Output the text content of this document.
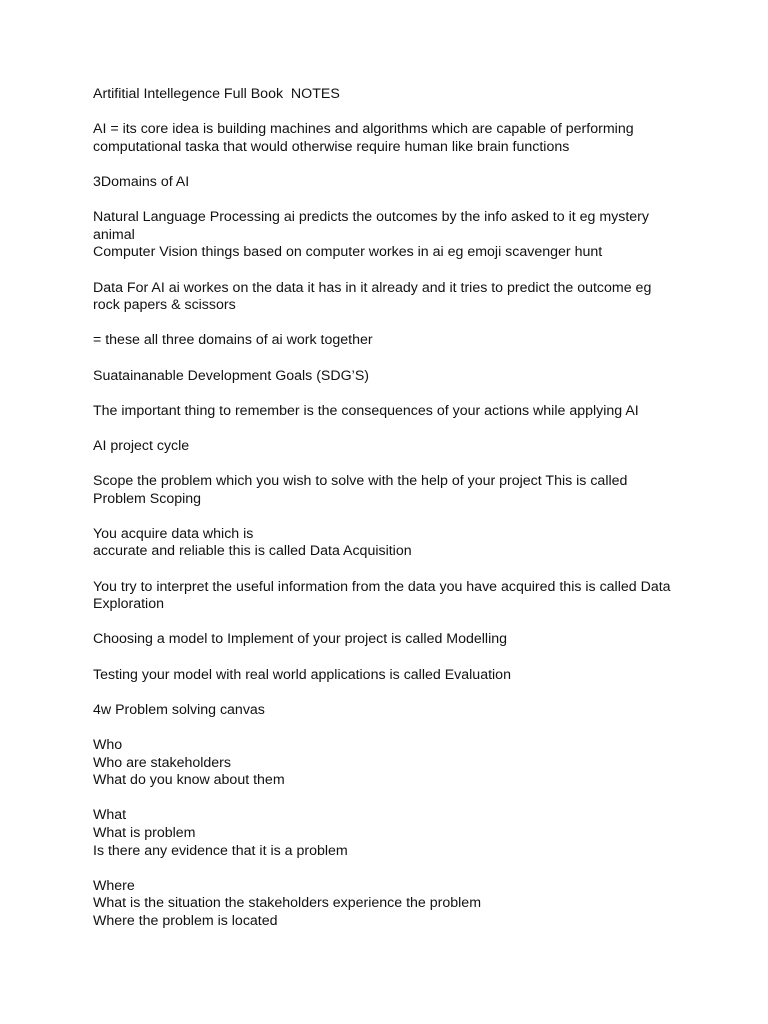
Artifitial Intellegence Full Book  NOTES
AI = its core idea is building machines and algorithms which are capable of performing
computational taska that would otherwise require human like brain functions
3Domains of AI
Natural Language Processing ai predicts the outcomes by the info asked to it eg mystery
animal
Computer Vision things based on computer workes in ai eg emoji scavenger hunt
Data For AI ai workes on the data it has in it already and it tries to predict the outcome eg
rock papers & scissors
= these all three domains of ai work together
Suatainanable Development Goals (SDG’S)
The important thing to remember is the consequences of your actions while applying AI
AI project cycle
Scope the problem which you wish to solve with the help of your project This is called
Problem Scoping
You acquire data which is
accurate and reliable this is called Data Acquisition
You try to interpret the useful information from the data you have acquired this is called Data
Exploration
Choosing a model to Implement of your project is called Modelling
Testing your model with real world applications is called Evaluation
4w Problem solving canvas
Who
Who are stakeholders
What do you know about them
What
What is problem
Is there any evidence that it is a problem
Where
What is the situation the stakeholders experience the problem
Where the problem is located
